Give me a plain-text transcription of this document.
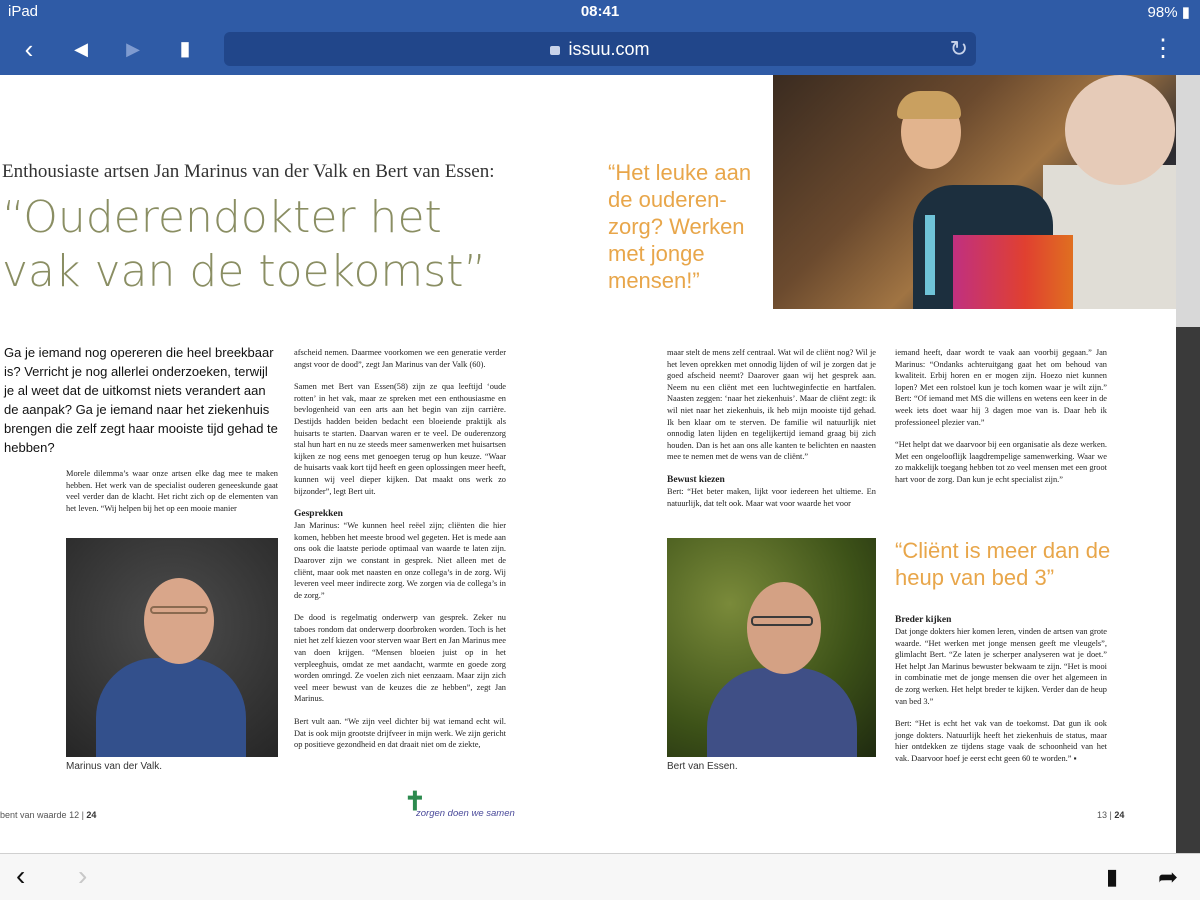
iPad	08:41	98% ▮
‹	◀	▶	▮	issuu.com	↻	⋮
Enthousiaste artsen Jan Marinus van der Valk en Bert van Essen:
“Ouderendokter het vak van de toekomst”
“Het leuke aan de ouderen-zorg? Werken met jonge mensen!”
Ga je iemand nog opereren die heel breekbaar is? Verricht je nog allerlei onderzoeken, terwijl je al weet dat de uitkomst niets verandert aan de aanpak? Ga je iemand naar het ziekenhuis brengen die zelf zegt haar mooiste tijd gehad te hebben?

Morele dilemma’s waar onze artsen elke dag mee te maken hebben. Het werk van de specialist ouderen geneeskunde gaat veel verder dan de klacht. Het richt zich op de elementen van het leven. “Wij helpen bij het op een mooie manier

Marinus van der Valk.

afscheid nemen. Daarmee voorkomen we een generatie verder angst voor de dood”, zegt Jan Marinus van der Valk (60).

Samen met Bert van Essen(58) zijn ze qua leeftijd ‘oude rotten’ in het vak, maar ze spreken met een enthousiasme en bevlogenheid van een arts aan het begin van zijn carrière. Destijds hadden beiden bedacht een bloeiende praktijk als huisarts te starten. Daarvan waren er te veel. De ouderenzorg stal hun hart en nu ze steeds meer samenwerken met huisartsen kijken ze nog eens met genoegen terug op hun keuze. “Waar de huisarts vaak kort tijd heeft en geen oplossingen meer heeft, kunnen wij veel dieper kijken. Dat maakt ons werk zo bijzonder”, legt Bert uit.

Gesprekken

Jan Marinus: “We kunnen heel reëel zijn; cliënten die hier komen, hebben het meeste brood wel gegeten. Het is mede aan ons ook die laatste periode optimaal van waarde te laten zijn. Daarover zijn we constant in gesprek. Niet alleen met de cliënt, maar ook met naasten en onze collega’s in de zorg. Wij leveren veel meer indirecte zorg. We zorgen via de collega’s in de zorg.”

De dood is regelmatig onderwerp van gesprek. Zeker nu taboes rondom dat onderwerp doorbroken worden. Toch is het niet het zelf kiezen voor sterven waar Bert en Jan Marinus mee van doen krijgen. “Mensen bloeien juist op in het verpleeghuis, omdat ze met aandacht, warmte en goede zorg worden omringd. Ze voelen zich niet eenzaam. Maar zijn zich veel meer bewust van de keuzes die ze hebben”, zegt Jan Marinus.

Bert vult aan. “We zijn veel dichter bij wat iemand echt wil. Dat is ook mijn grootste drijfveer in mijn werk. We zijn gericht op positieve gezondheid en dat draait niet om de ziekte,

maar stelt de mens zelf centraal. Wat wil de cliënt nog? Wil je het leven oprekken met onnodig lijden of wil je zorgen dat je goed afscheid neemt? Daarover gaan wij het gesprek aan. Neem nu een cliënt met een luchtweginfectie en hartfalen. Naasten zeggen: ‘naar het ziekenhuis’. Maar de cliënt zegt: ik wil niet naar het ziekenhuis, ik heb mijn mooiste tijd gehad. Ik ben klaar om te sterven. De familie wil natuurlijk niet onnodig laten lijden en tegelijkertijd iemand graag bij zich houden. Dan is het aan ons alle kanten te belichten en naasten mee te nemen met de wens van de cliënt.”

Bewust kiezen

Bert: “Het beter maken, lijkt voor iedereen het ultieme. En natuurlijk, dat telt ook. Maar wat voor waarde het voor

Bert van Essen.

iemand heeft, daar wordt te vaak aan voorbij gegaan.” Jan Marinus: “Ondanks achteruitgang gaat het om behoud van kwaliteit. Erbij horen en er mogen zijn. Hoezo niet kunnen lopen? Met een rolstoel kun je toch komen waar je wilt zijn.” Bert: “Of iemand met MS die willens en wetens een keer in de week iets doet waar hij 3 dagen moe van is. Daar heb ik professioneel plezier van.”

“Het helpt dat we daarvoor bij een organisatie als deze werken. Met een ongelooflijk laagdrempelige samenwerking. Waar we zo makkelijk toegang hebben tot zo veel mensen met een groot hart voor de zorg. Dan kun je echt specialist zijn.”

“Cliënt is meer dan de heup van bed 3”
Breder kijken

Dat jonge dokters hier komen leren, vinden de artsen van grote waarde. “Het werken met jonge mensen geeft me vleugels”, glimlacht Bert. “Ze laten je scherper analyseren wat je doet.” Het helpt Jan Marinus bewuster bekwaam te zijn. “Het is mooi in combinatie met de jonge mensen die over het algemeen in de zorg werken. Het helpt breder te kijken. Verder dan de heup van bed 3.”

Bert: “Het is echt het vak van de toekomst. Dat gun ik ook jonge dokters. Natuurlijk heeft het ziekenhuis de status, maar hier ontdekken ze tijdens stage vaak de schoonheid van het vak. Daarvoor hoef je eerst echt geen 60 te worden.” ▪

bent van waarde 12 | 24	✝
zorgen doen we samen	13 | 24
‹ ›	▮ ➦
